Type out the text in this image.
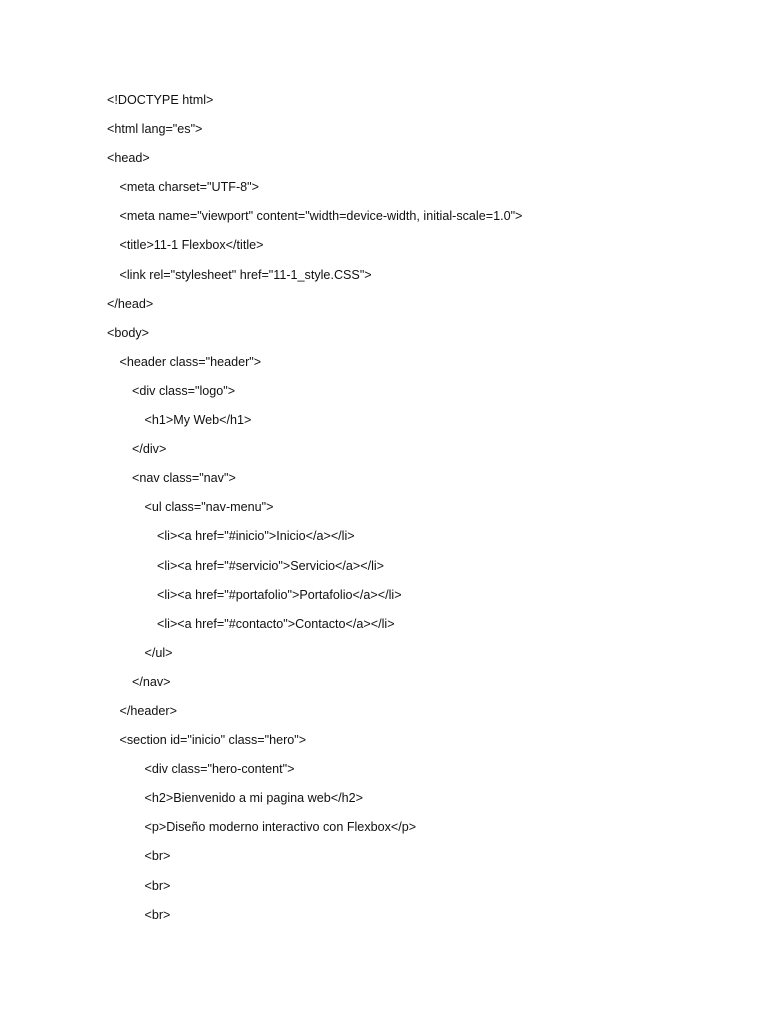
<!DOCTYPE html>
<html lang="es">
<head>
<meta charset="UTF-8">
<meta name="viewport" content="width=device-width, initial-scale=1.0">
<title>11-1 Flexbox</title>
<link rel="stylesheet" href="11-1_style.CSS">
</head>
<body>
<header class="header">
<div class="logo">
<h1>My Web</h1>
</div>
<nav class="nav">
<ul class="nav-menu">
<li><a href="#inicio">Inicio</a></li>
<li><a href="#servicio">Servicio</a></li>
<li><a href="#portafolio">Portafolio</a></li>
<li><a href="#contacto">Contacto</a></li>
</ul>
</nav>
</header>
<section id="inicio" class="hero">
<div class="hero-content">
<h2>Bienvenido a mi pagina web</h2>
<p>Diseño moderno interactivo con Flexbox</p>
<br>
<br>
<br>
